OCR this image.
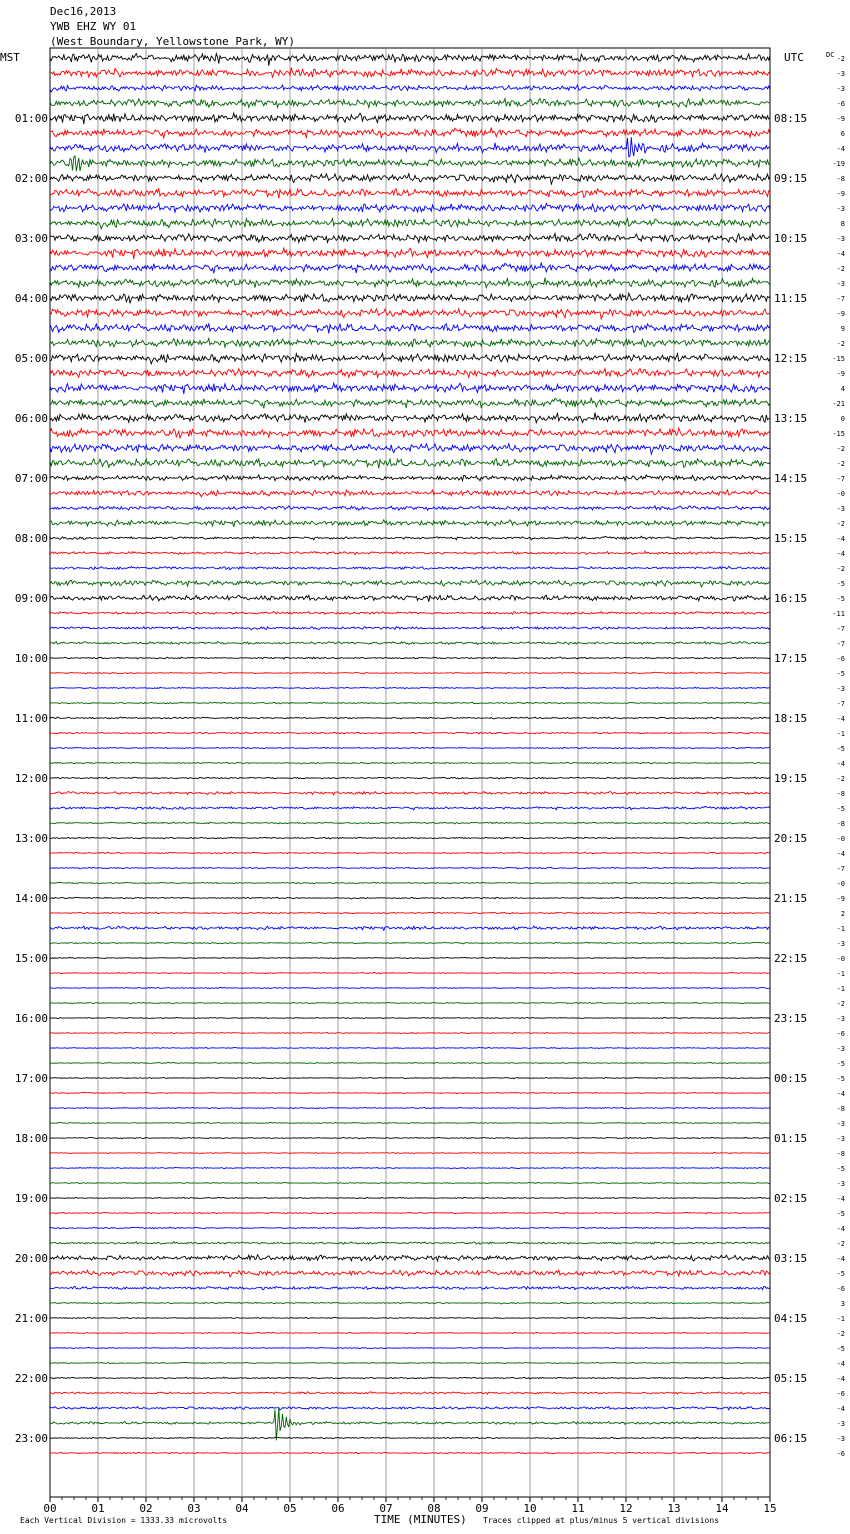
Dec16,2013
YWB EHZ WY 01
(West Boundary, Yellowstone Park, WY)
MST	UTC	DC
01:00
02:00
03:00
04:00
05:00
06:00
07:00
08:00
09:00
10:00
11:00
12:00
13:00
14:00
15:00
16:00
17:00
18:00
19:00
20:00
21:00
22:00
23:00
08:15
09:15
10:15
11:15
12:15
13:15
14:15
15:15
16:15
17:15
18:15
19:15
20:15
21:15
22:15
23:15
00:15
01:15
02:15
03:15
04:15
05:15
06:15
-2
-3
-3
-6
-9
6
-4
-19
-8
-9
-3
8
-3
-4
-2
-3
-7
-9
9
-2
-15
-9
4
-21
0
-15
-2
-2
-7
-0
-3
-2
-4
-4
-2
-5
-5
-11
-7
-7
-6
-5
-3
-7
-4
-1
-5
-4
-2
-8
-5
-8
-0
-4
-7
-0
-9
2
-1
-3
-0
-1
-1
-2
-3
-6
-3
-5
-5
-4
-8
-3
-3
-8
-5
-3
-4
-5
-4
-2
-4
-5
-6
3
-1
-2
-5
-4
-4
-6
-4
-3
-3
-6
00	01	02	03	04	05	06	07	08	09	10	11	12	13	14	15
Each Vertical Division = 1333.33 microvolts	TIME (MINUTES) Traces clipped at plus/minus 5 vertical divisions
